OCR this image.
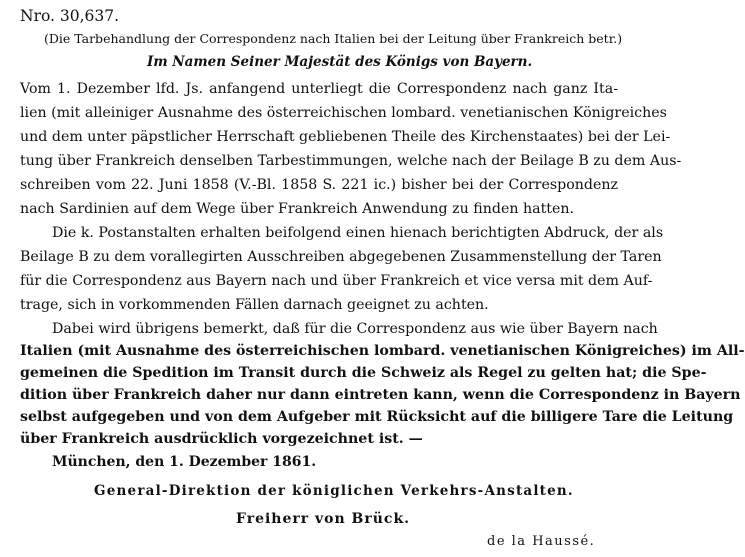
Nro. 30,637.
(Die Tarbehandlung der Correspondenz nach Italien bei der Leitung über Frankreich betr.)
Im Namen Seiner Majestät des Königs von Bayern.
Vom 1. Dezember lfd. Js. anfangend unterliegt die Correspondenz nach ganz Ita-
lien (mit alleiniger Ausnahme des österreichischen lombard. venetianischen Königreiches
und dem unter päpstlicher Herrschaft gebliebenen Theile des Kirchenstaates) bei der Lei-
tung über Frankreich denselben Tarbestimmungen, welche nach der Beilage B zu dem Aus-
schreiben vom 22. Juni 1858 (V.-Bl. 1858 S. 221 ic.) bisher bei der Correspondenz
nach Sardinien auf dem Wege über Frankreich Anwendung zu finden hatten.
Die k. Postanstalten erhalten beifolgend einen hienach berichtigten Abdruck, der als
Beilage B zu dem vorallegirten Ausschreiben abgegebenen Zusammenstellung der Taren
für die Correspondenz aus Bayern nach und über Frankreich et vice versa mit dem Auf-
trage, sich in vorkommenden Fällen darnach geeignet zu achten.
Dabei wird übrigens bemerkt, daß für die Correspondenz aus wie über Bayern nach
Italien (mit Ausnahme des österreichischen lombard. venetianischen Königreiches) im All-
gemeinen die Spedition im Transit durch die Schweiz als Regel zu gelten hat; die Spe-
dition über Frankreich daher nur dann eintreten kann, wenn die Correspondenz in Bayern
selbst aufgegeben und von dem Aufgeber mit Rücksicht auf die billigere Tare die Leitung
München, den 1. Dezember 1861.
General-Direktion der königlichen Verkehrs-Anstalten.
Freiherr von Brück.
de la Haussé.
über Frankreich ausdrücklich vorgezeichnet ist. —
